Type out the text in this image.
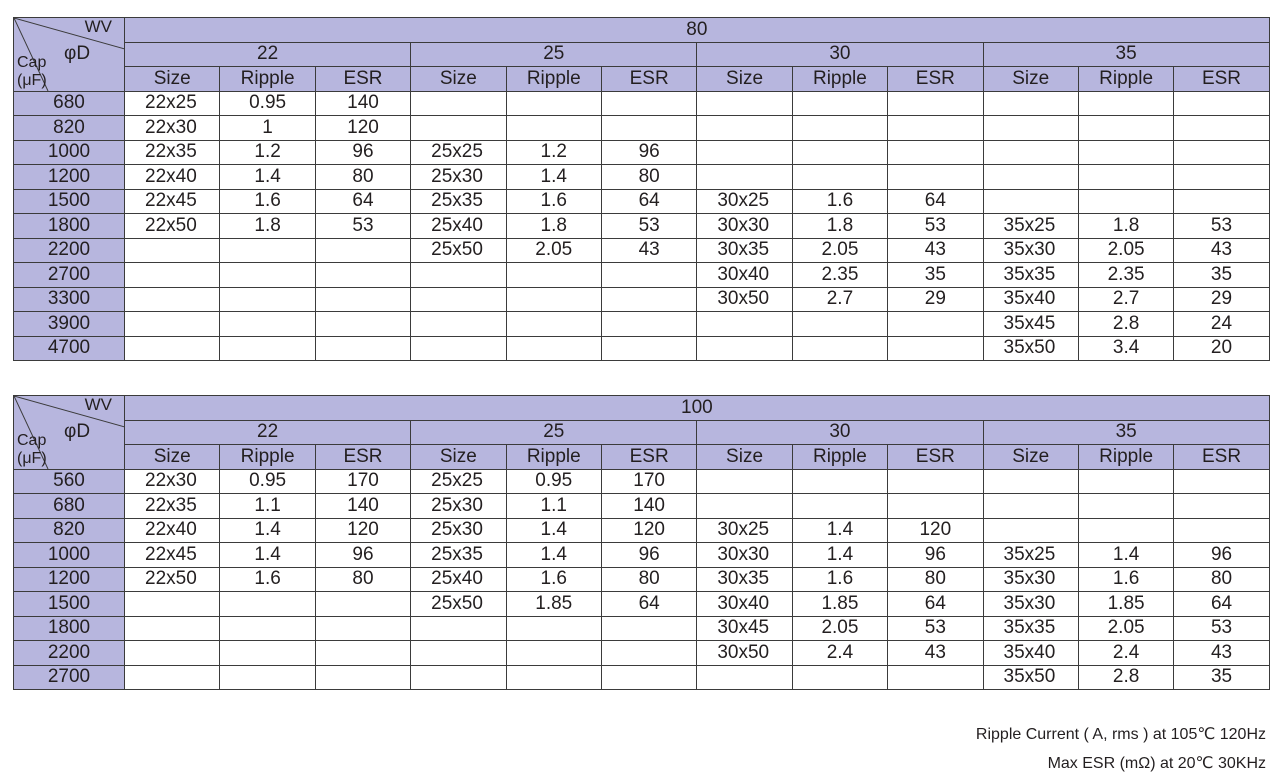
WV
φD
Cap
(μF)	80											
	22			25			30			35		
	Size	Ripple	ESR	Size	Ripple	ESR	Size	Ripple	ESR	Size	Ripple	ESR
680	22x25	0.95	140									
820	22x30	1	120									
1000	22x35	1.2	96	25x25	1.2	96						
1200	22x40	1.4	80	25x30	1.4	80						
1500	22x45	1.6	64	25x35	1.6	64	30x25	1.6	64			
1800	22x50	1.8	53	25x40	1.8	53	30x30	1.8	53	35x25	1.8	53
2200				25x50	2.05	43	30x35	2.05	43	35x30	2.05	43
2700							30x40	2.35	35	35x35	2.35	35
3300							30x50	2.7	29	35x40	2.7	29
3900										35x45	2.8	24
4700										35x50	3.4	20
WV
φD
Cap
(μF)	100											
	22			25			30			35		
	Size	Ripple	ESR	Size	Ripple	ESR	Size	Ripple	ESR	Size	Ripple	ESR
560	22x30	0.95	170	25x25	0.95	170						
680	22x35	1.1	140	25x30	1.1	140						
820	22x40	1.4	120	25x30	1.4	120	30x25	1.4	120			
1000	22x45	1.4	96	25x35	1.4	96	30x30	1.4	96	35x25	1.4	96
1200	22x50	1.6	80	25x40	1.6	80	30x35	1.6	80	35x30	1.6	80
1500				25x50	1.85	64	30x40	1.85	64	35x30	1.85	64
1800							30x45	2.05	53	35x35	2.05	53
2200							30x50	2.4	43	35x40	2.4	43
2700										35x50	2.8	35
Ripple Current ( A, rms ) at 105℃ 120Hz
Max ESR (mΩ) at 20℃ 30KHz
